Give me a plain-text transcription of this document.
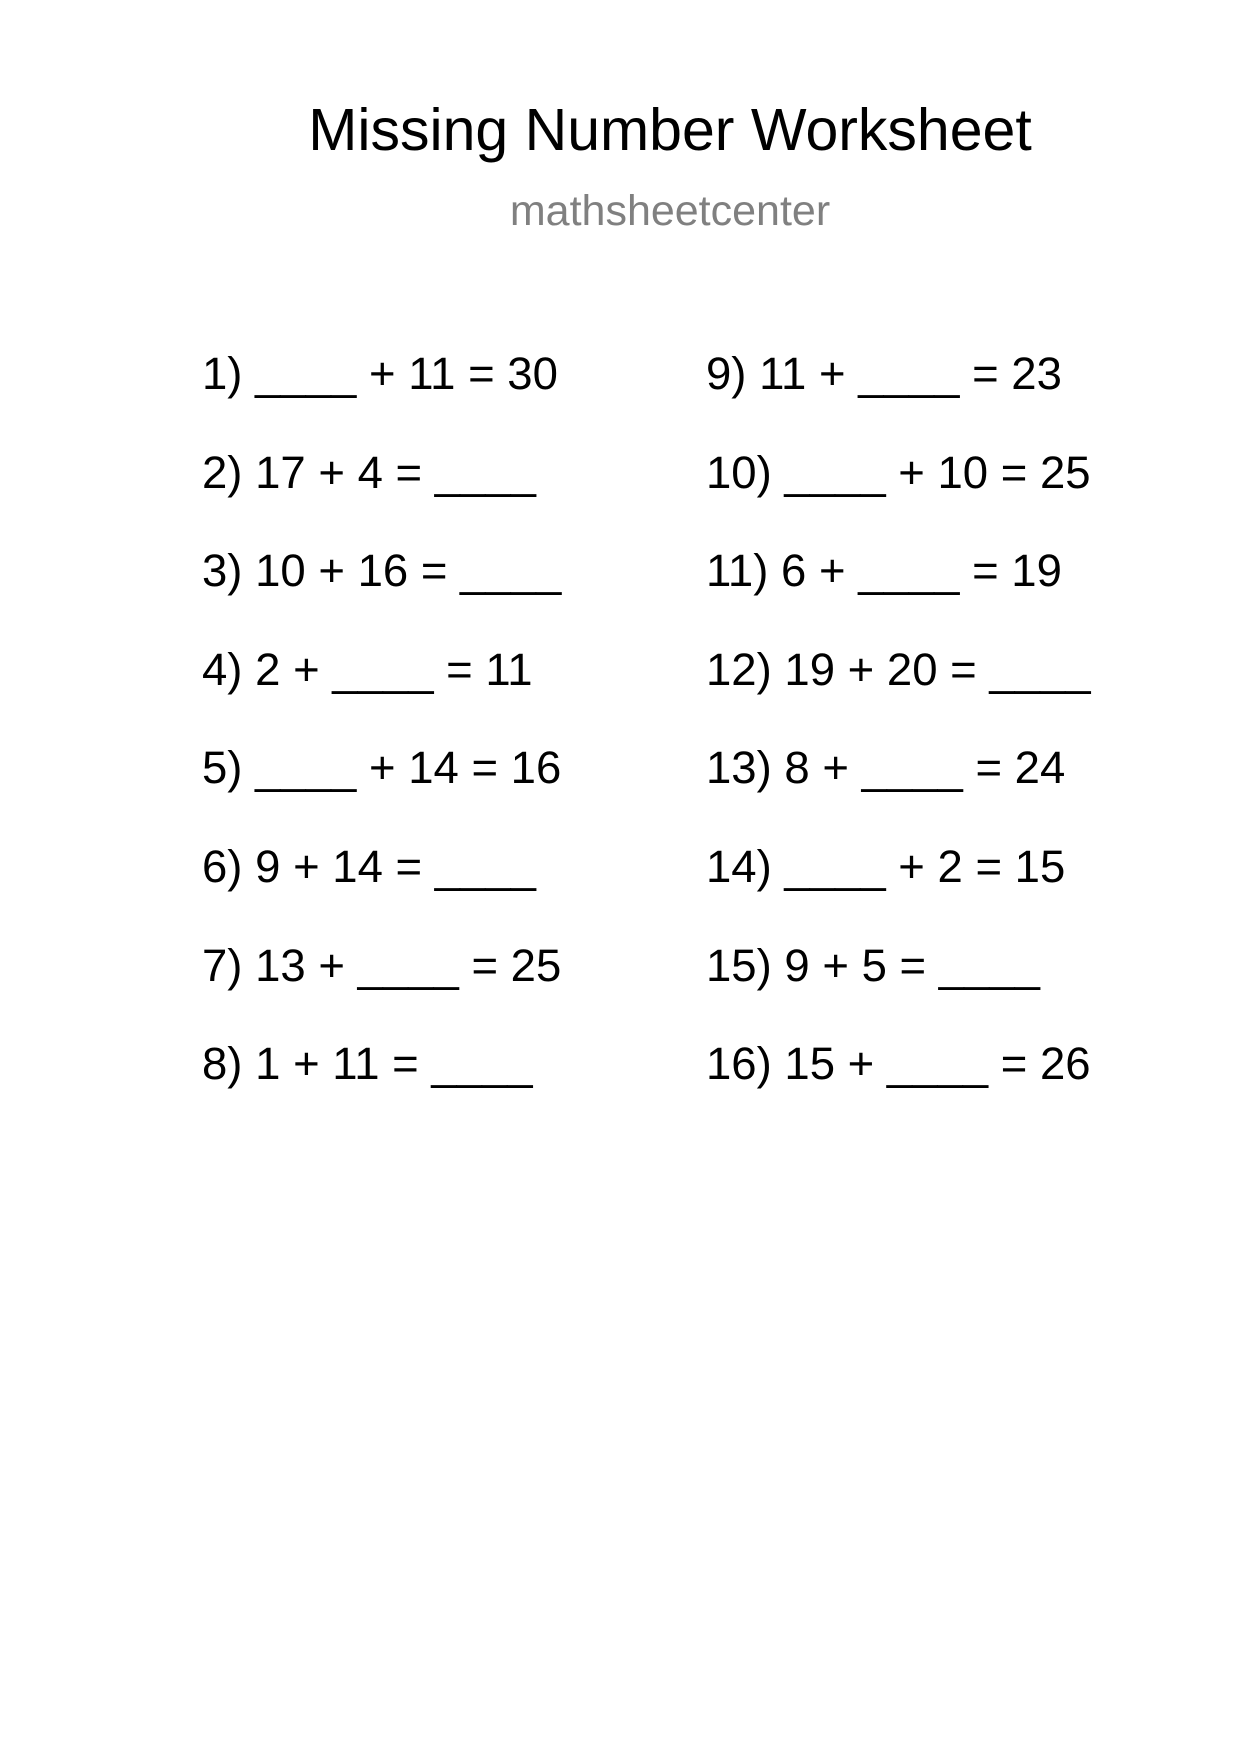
Missing Number Worksheet
mathsheetcenter
1) ____ + 11 = 30
2) 17 + 4 = ____
3) 10 + 16 = ____
4) 2 + ____ = 11
5) ____ + 14 = 16
6) 9 + 14 = ____
7) 13 + ____ = 25
8) 1 + 11 = ____
9) 11 + ____ = 23
10) ____ + 10 = 25
11) 6 + ____ = 19
12) 19 + 20 = ____
13) 8 + ____ = 24
14) ____ + 2 = 15
15) 9 + 5 = ____
16) 15 + ____ = 26
